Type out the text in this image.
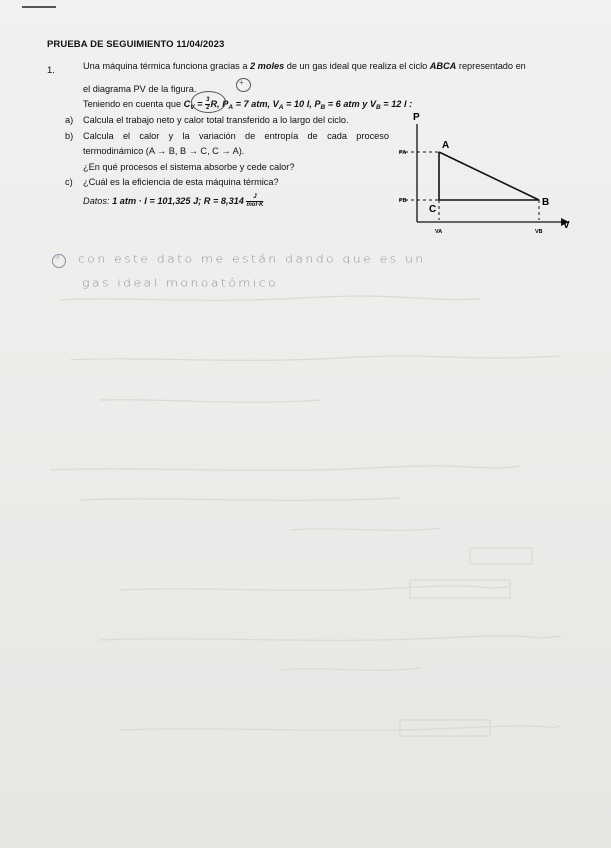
PRUEBA DE SEGUIMIENTO 11/04/2023
1.	Una máquina térmica funciona gracias a 2 moles de un gas ideal que realiza el ciclo ABCA representado en
el diagrama PV de la figura.
+
Teniendo en cuenta que $C_V = \frac{3}{2} R$, $P_A = 7$ atm, $V_A = 10$ l, $P_B = 6$ atm y $V_B = 12$ l :
a) Calcula el trabajo neto y calor total transferido a lo largo del ciclo.
b) Calcula el calor y la variación de entropía de cada proceso
termodinámico (A → B, B → C, C → A).
¿En qué procesos el sistema absorbe y cede calor?
c) ¿Cuál es la eficiencia de esta máquina térmica?
Datos: 1 atm · l = 101,325 J; $R = 8,314 \frac{J}{\text{mol·K}}$
P
V
A
B
C
PA
PB
VA	VB
a con este dato me están dando que es un
gas ideal monoatómico
